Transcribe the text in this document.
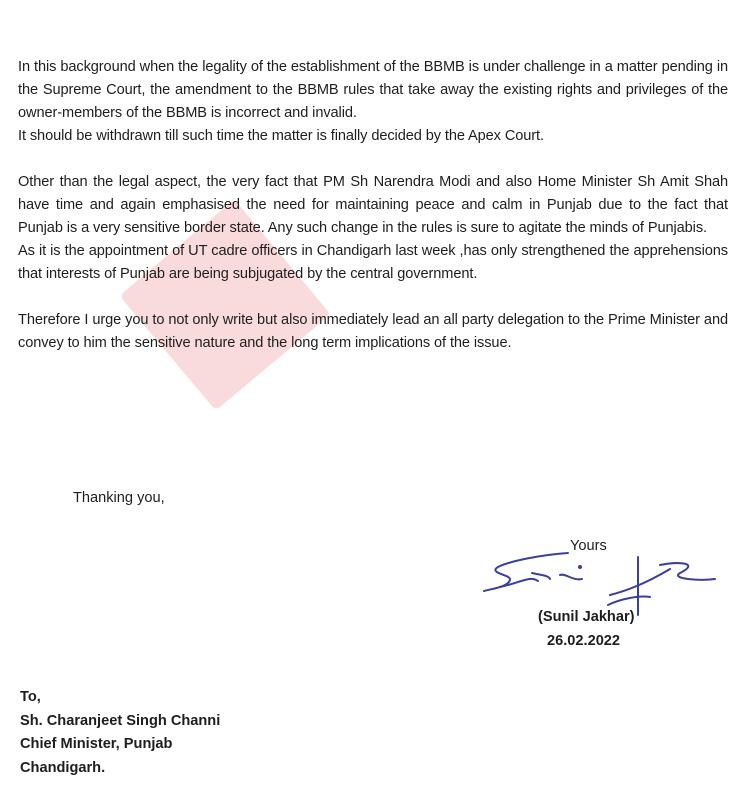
In this background when the legality of the establishment of the BBMB is under challenge in a matter pending in the Supreme Court, the amendment to the BBMB rules that take away the existing rights and privileges of the owner-members of the BBMB is incorrect and invalid.

It should be withdrawn till such time the matter is finally decided by the Apex Court.

Other than the legal aspect, the very fact that PM Sh Narendra Modi and also Home Minister Sh Amit Shah have time and again emphasised the need for maintaining peace and calm in Punjab due to the fact that Punjab is a very sensitive border state. Any such change in the rules is sure to agitate the minds of Punjabis.

As it is the appointment of UT cadre officers in Chandigarh last week ,has only strengthened the apprehensions that interests of Punjab are being subjugated by the central government.

Therefore I urge you to not only write but also immediately lead an all party delegation to the Prime Minister and convey to him the sensitive nature and the long term implications of the issue.

Thanking you,
Yours
(Sunil Jakhar)
26.02.2022
To,
Sh. Charanjeet Singh Channi
Chief Minister, Punjab
Chandigarh.
